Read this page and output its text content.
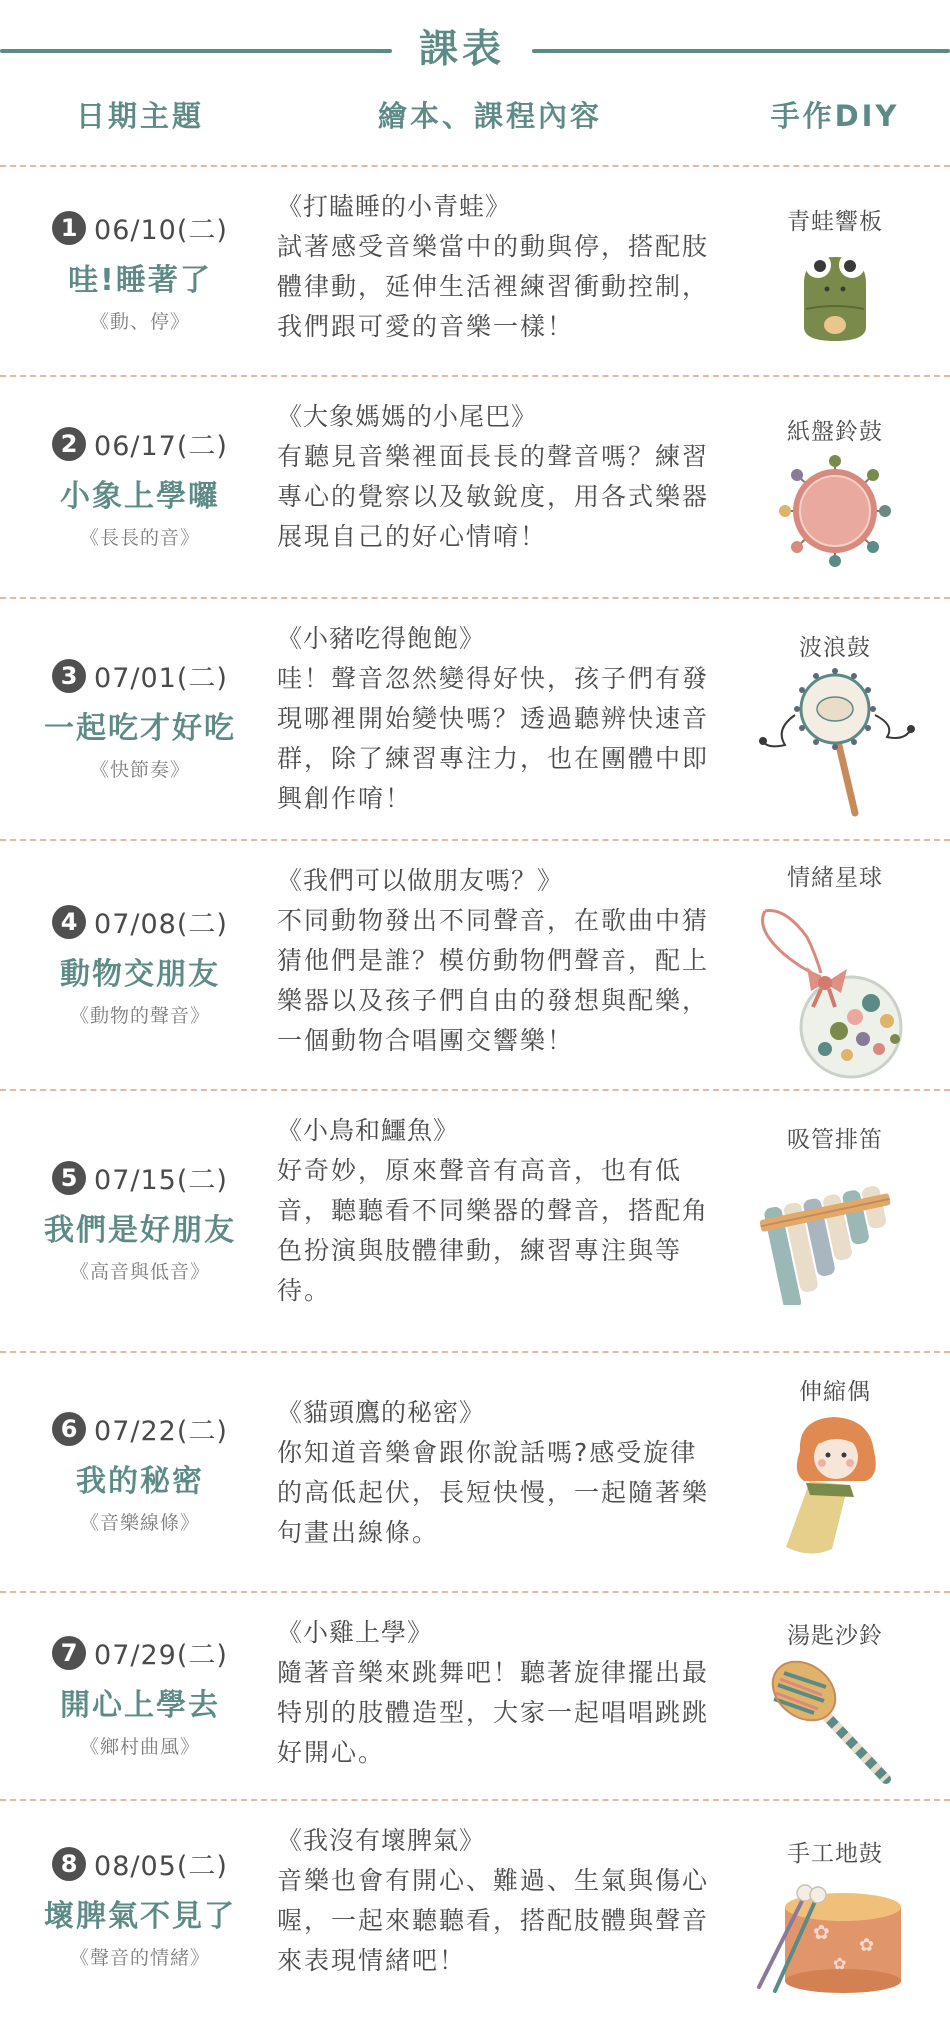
課表
日期主題	繪本、課程內容	手作DIY
1 06/10(二)
哇!睡著了
《動、停》
《打瞌睡的小青蛙》
試著感受音樂當中的動與停，搭配肢體律動，延伸生活裡練習衝動控制，我們跟可愛的音樂一樣！
青蛙響板
2 06/17(二)
小象上學囉
《長長的音》
《大象媽媽的小尾巴》
有聽見音樂裡面長長的聲音嗎？練習專心的覺察以及敏銳度，用各式樂器展現自己的好心情唷！
紙盤鈴鼓
3 07/01(二)
一起吃才好吃
《快節奏》
《小豬吃得飽飽》
哇！聲音忽然變得好快，孩子們有發現哪裡開始變快嗎？透過聽辨快速音群，除了練習專注力，也在團體中即興創作唷！
波浪鼓
4 07/08(二)
動物交朋友
《動物的聲音》
《我們可以做朋友嗎？》
不同動物發出不同聲音，在歌曲中猜猜他們是誰？模仿動物們聲音，配上樂器以及孩子們自由的發想與配樂，一個動物合唱團交響樂！
情緒星球
5 07/15(二)
我們是好朋友
《高音與低音》
《小鳥和鱷魚》
好奇妙，原來聲音有高音，也有低音，聽聽看不同樂器的聲音，搭配角色扮演與肢體律動，練習專注與等待。
吸管排笛
6 07/22(二)
我的秘密
《音樂線條》
《貓頭鷹的秘密》
你知道音樂會跟你說話嗎?感受旋律的高低起伏，長短快慢，一起隨著樂句畫出線條。
伸縮偶
7 07/29(二)
開心上學去
《鄉村曲風》
《小雞上學》
隨著音樂來跳舞吧！聽著旋律擺出最特別的肢體造型，大家一起唱唱跳跳好開心。
湯匙沙鈴
8 08/05(二)
壞脾氣不見了
《聲音的情緒》
《我沒有壞脾氣》
音樂也會有開心、難過、生氣與傷心喔，一起來聽聽看，搭配肢體與聲音來表現情緒吧！
手工地鼓
✿
✿
✿
